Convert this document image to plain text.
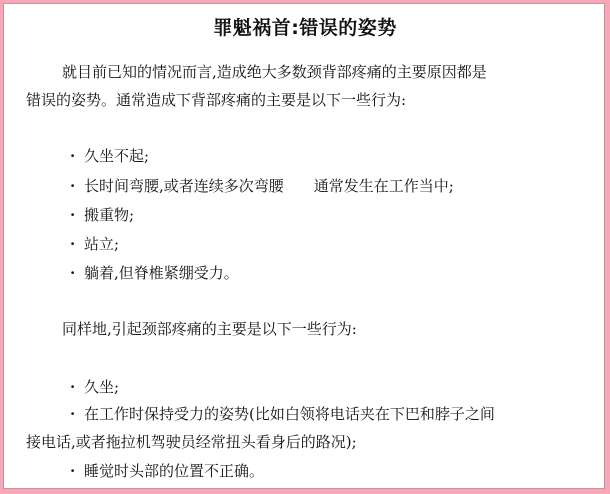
罪魁祸首:错误的姿势

就目前已知的情况而言,造成绝大多数颈背部疼痛的主要原因都是

错误的姿势。通常造成下背部疼痛的主要是以下一些行为:

· 久坐不起;

· 长时间弯腰,或者连续多次弯腰　　通常发生在工作当中;

· 搬重物;

· 站立;

· 躺着,但脊椎紧绷受力。

同样地,引起颈部疼痛的主要是以下一些行为:

· 久坐;

· 在工作时保持受力的姿势(比如白领将电话夹在下巴和脖子之间

接电话,或者拖拉机驾驶员经常扭头看身后的路况);

· 睡觉时头部的位置不正确。
